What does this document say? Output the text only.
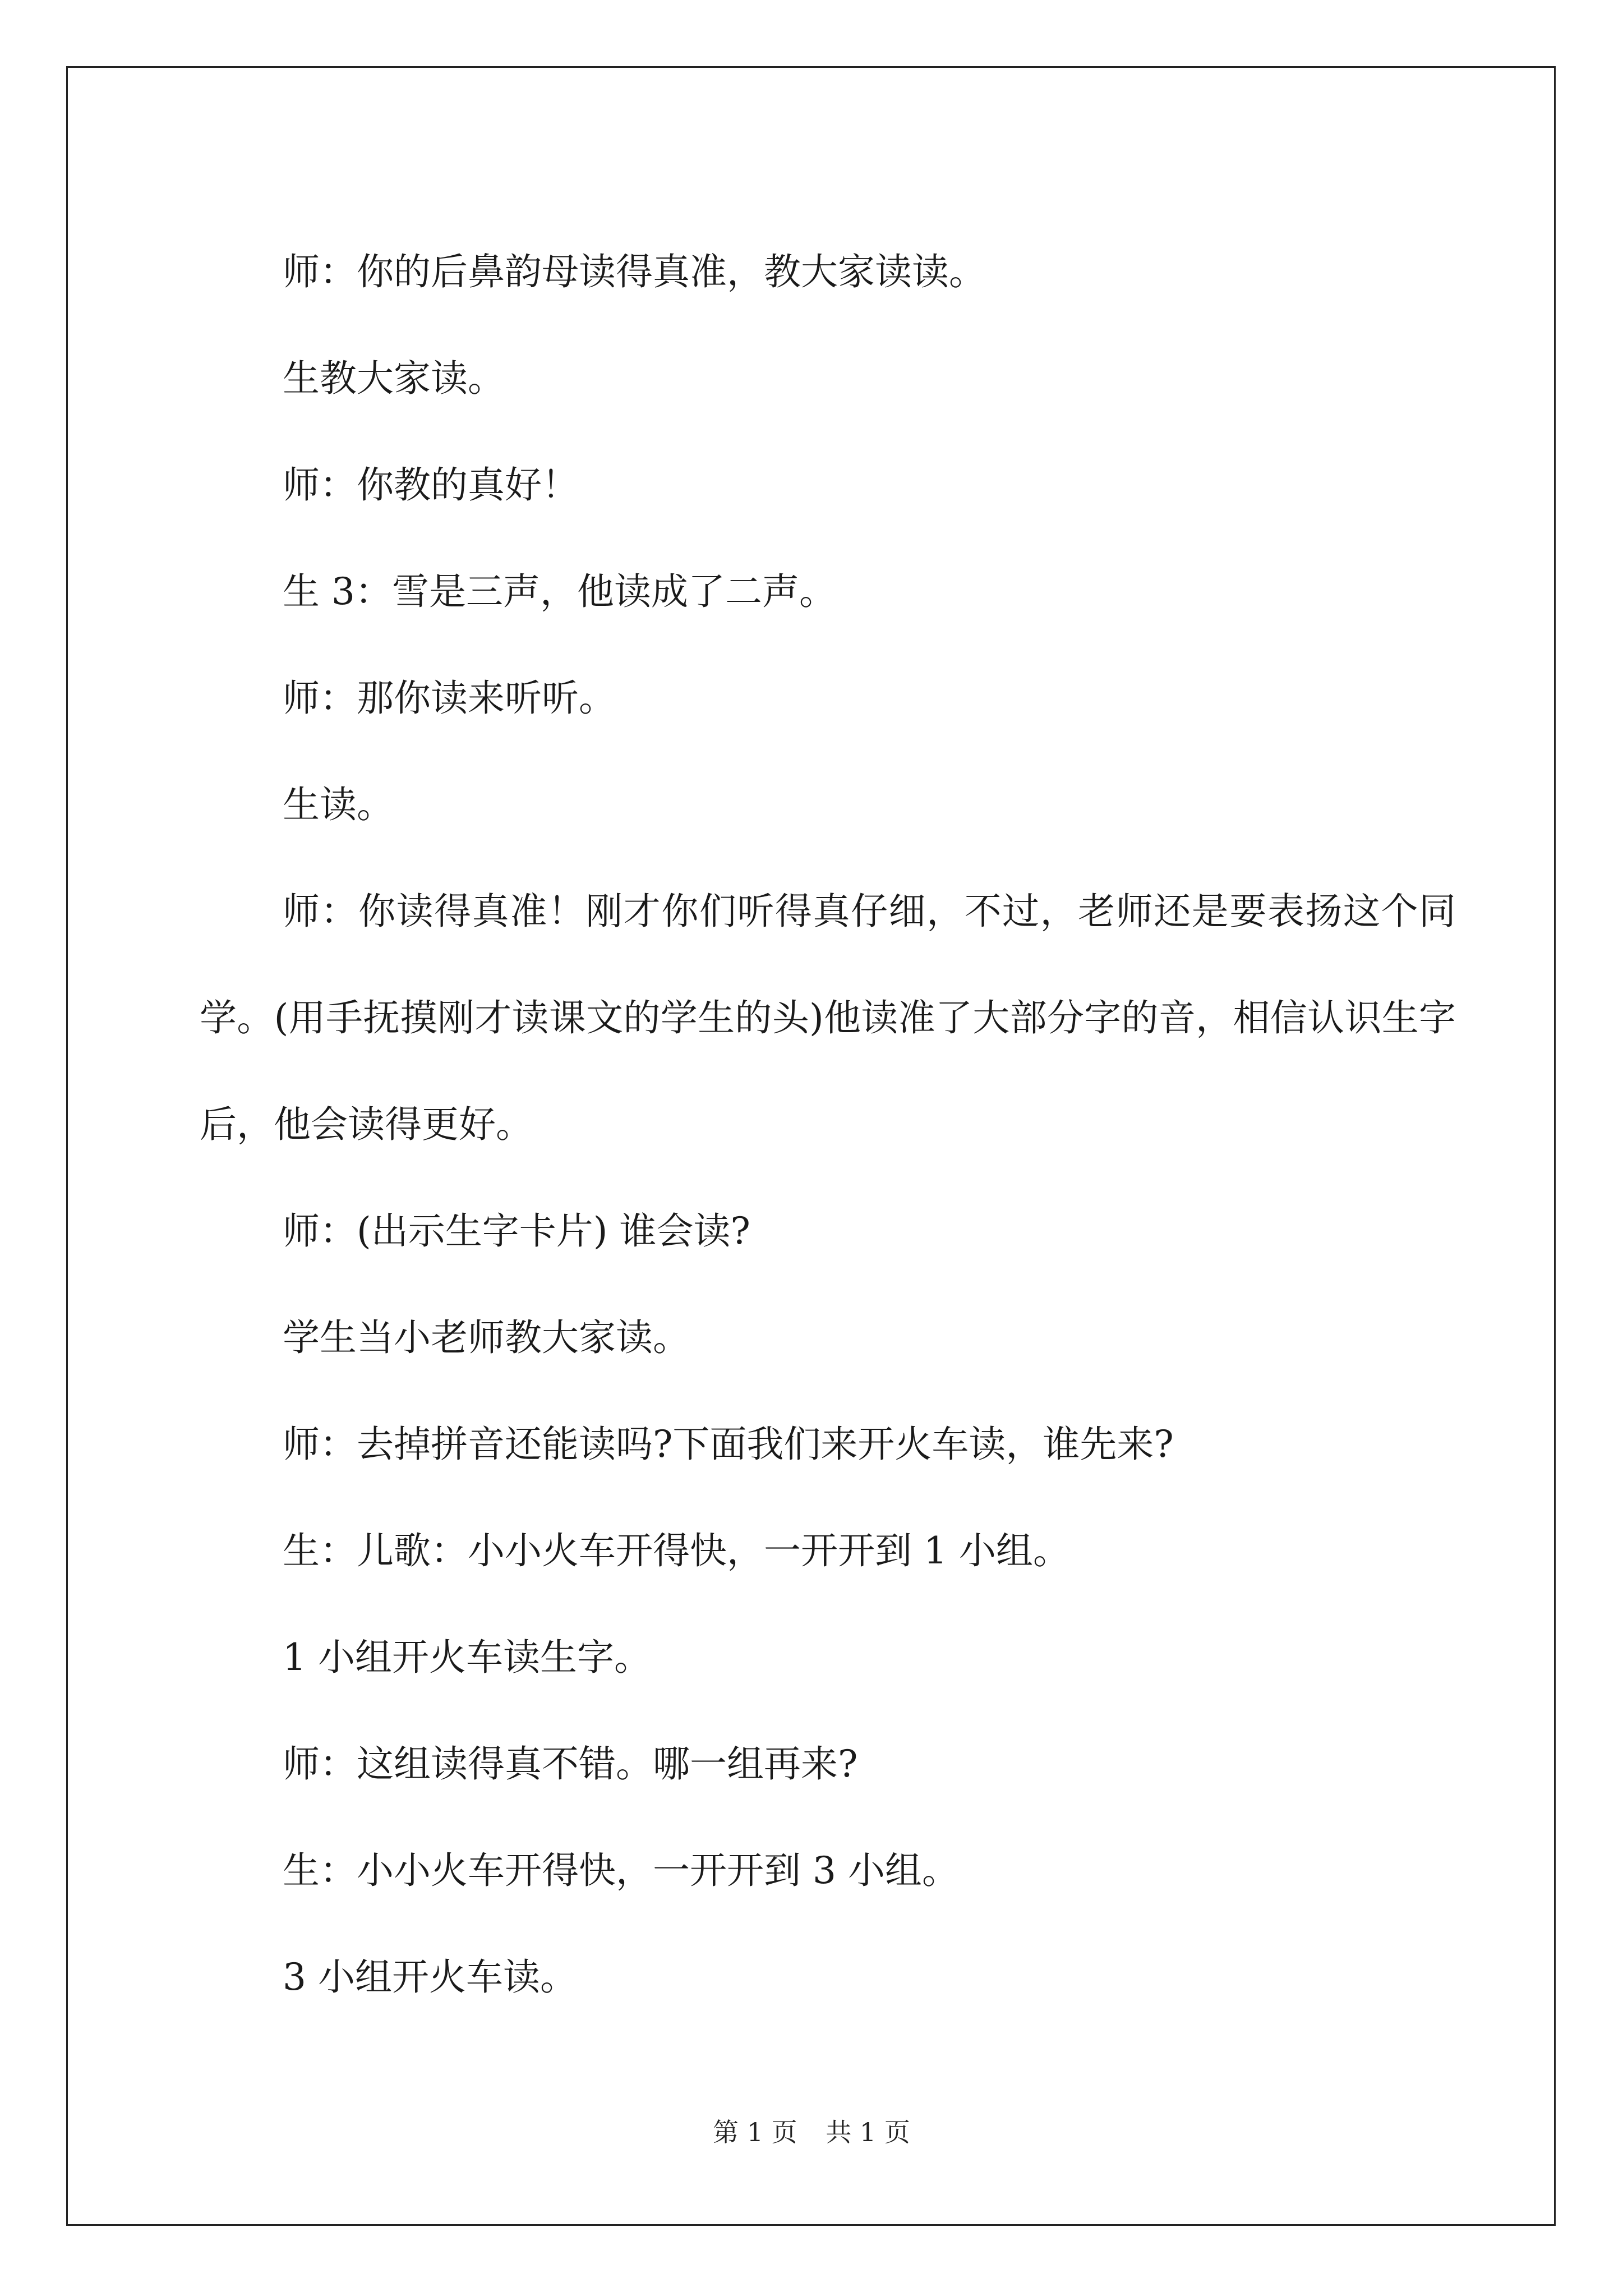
师：你的后鼻韵母读得真准，教大家读读。

生教大家读。

师：你教的真好！

生 3：雪是三声，他读成了二声。

师：那你读来听听。

生读。

师：你读得真准！刚才你们听得真仔细，不过，老师还是要表扬这个同学。(用手抚摸刚才读课文的学生的头)他读准了大部分字的音，相信认识生字后，他会读得更好。

师：(出示生字卡片) 谁会读?

学生当小老师教大家读。

师：去掉拼音还能读吗?下面我们来开火车读，谁先来?

生：儿歌：小小火车开得快，一开开到 1 小组。

1 小组开火车读生字。

师：这组读得真不错。哪一组再来?

生：小小火车开得快，一开开到 3 小组。

3 小组开火车读。

第 1 页 共 1 页
